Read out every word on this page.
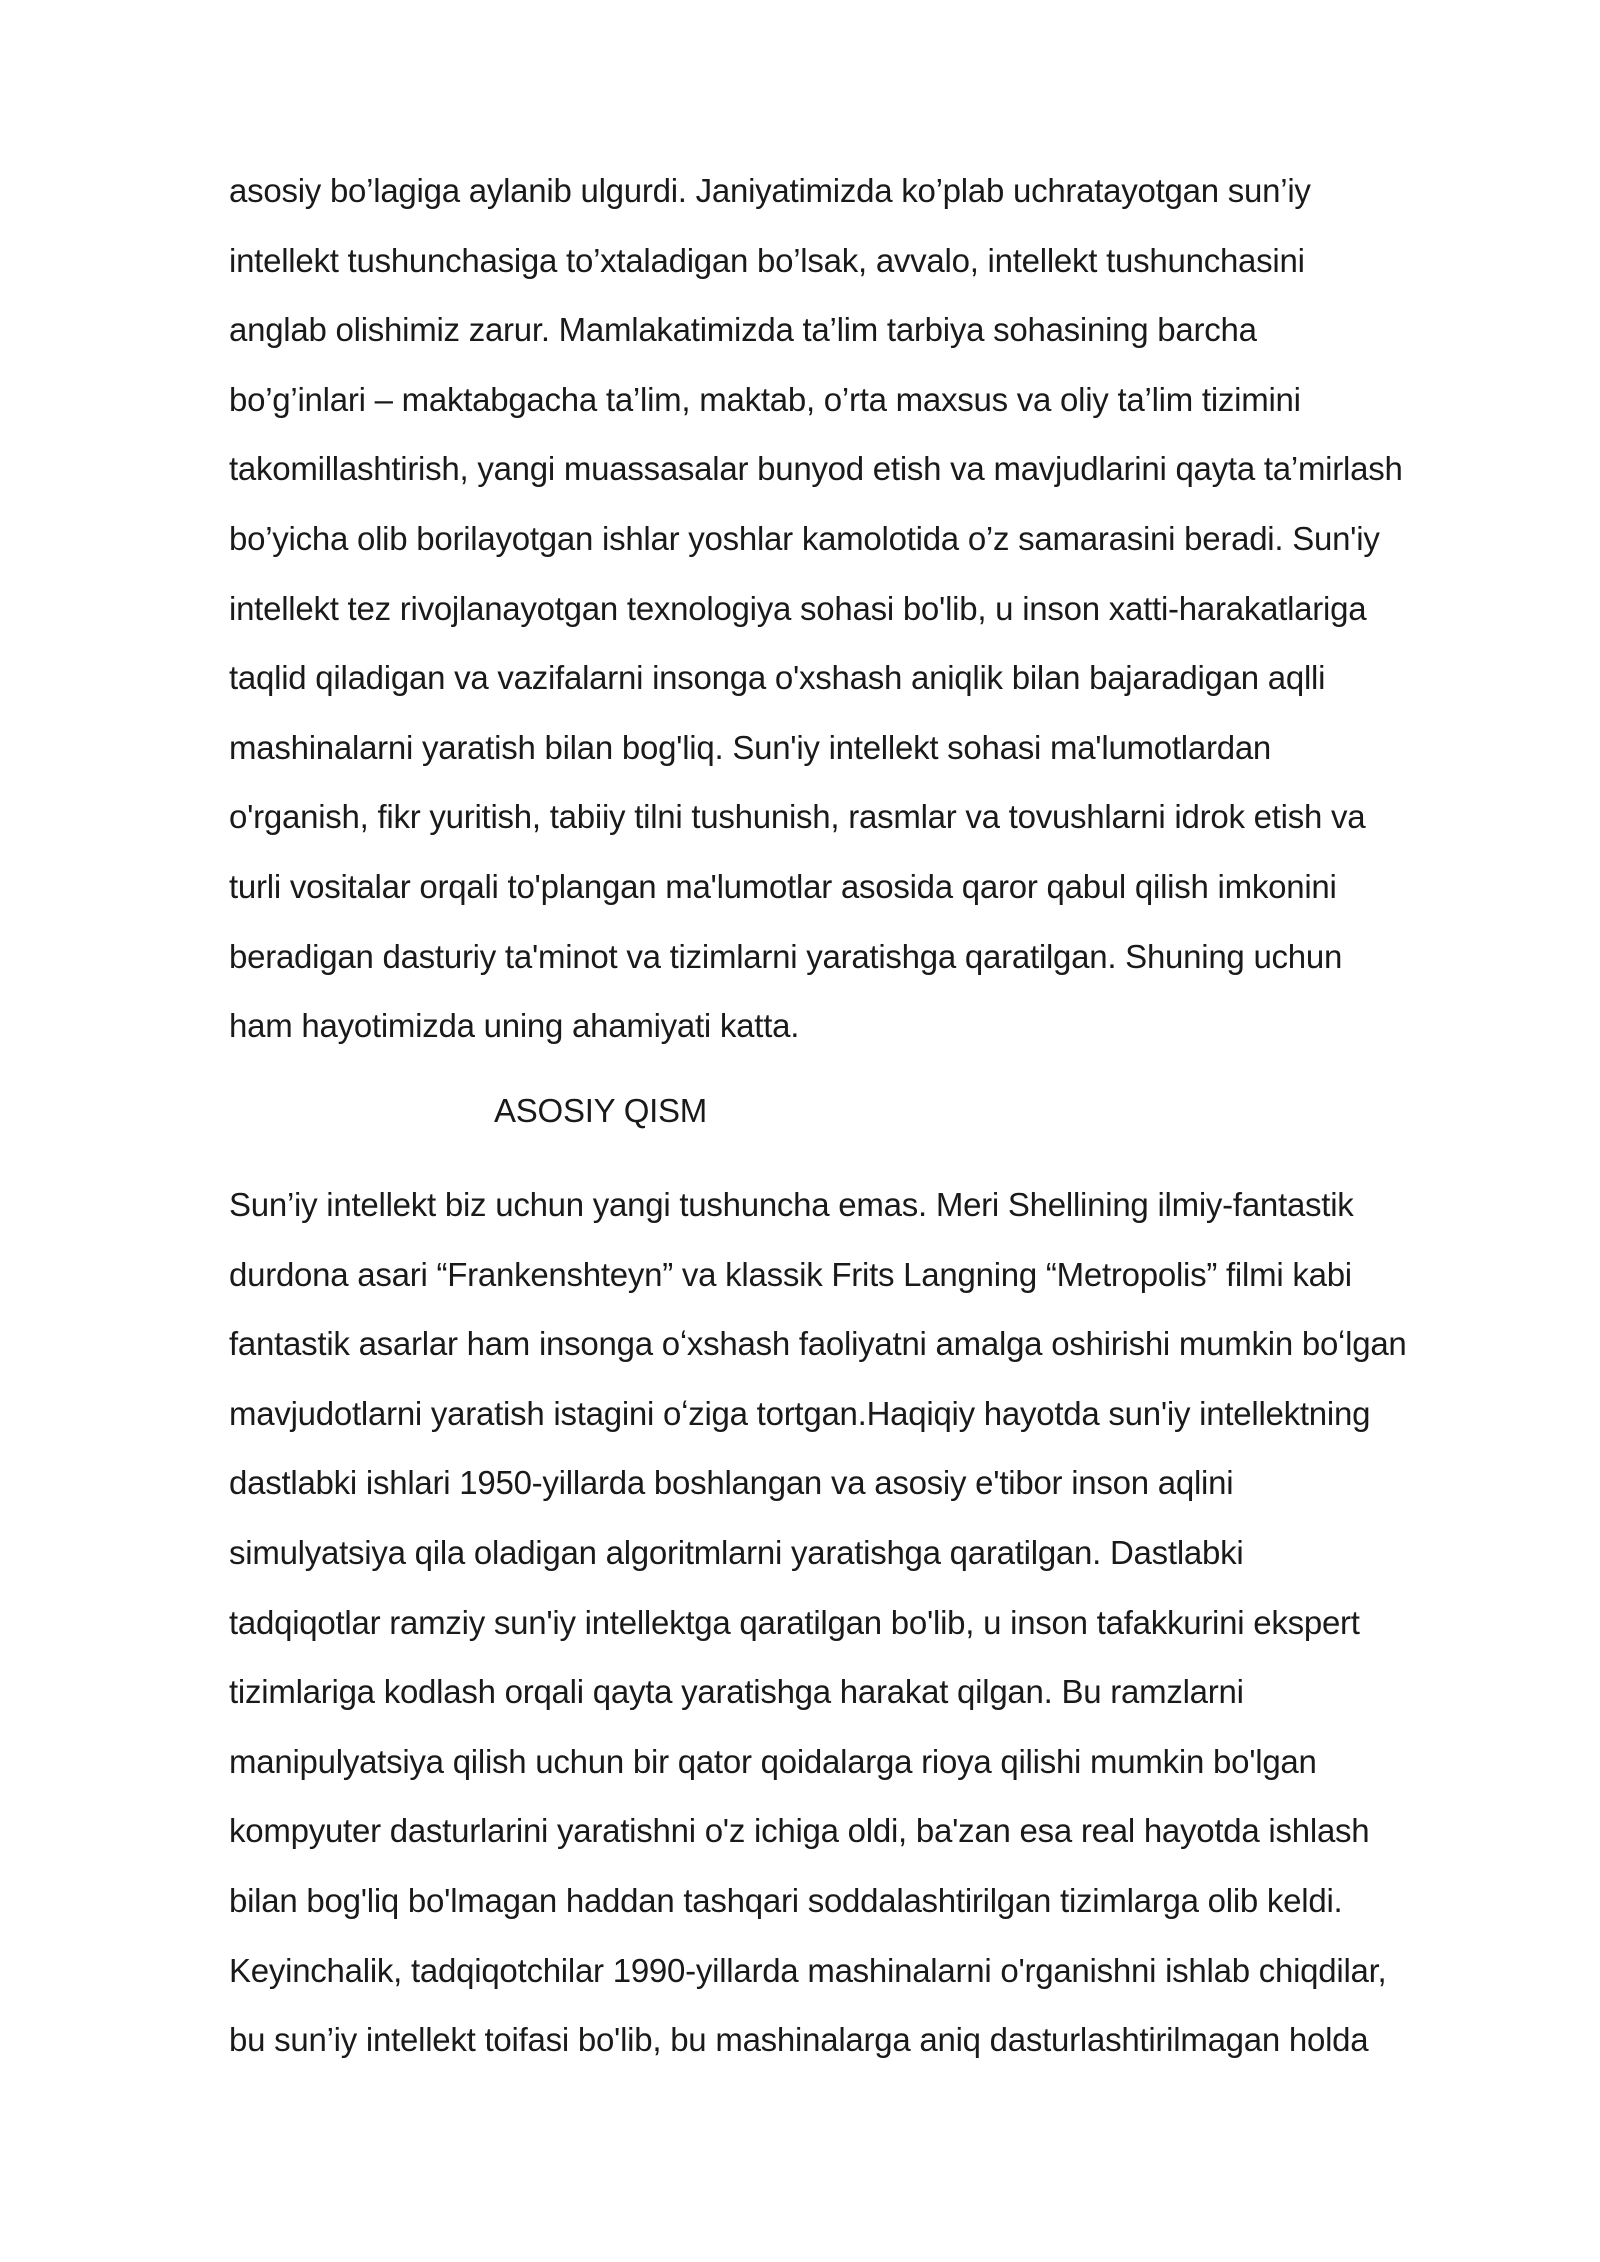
asosiy bo’lagiga aylanib ulgurdi. Janiyatimizda ko’plab uchratayotgan sun’iy
intellekt tushunchasiga to’xtaladigan bo’lsak, avvalo, intellekt tushunchasini
anglab olishimiz zarur. Mamlakatimizda ta’lim tarbiya sohasining barcha
bo’g’inlari – maktabgacha ta’lim, maktab, o’rta maxsus va oliy ta’lim tizimini
takomillashtirish, yangi muassasalar bunyod etish va mavjudlarini qayta ta’mirlash
bo’yicha olib borilayotgan ishlar yoshlar kamolotida o’z samarasini beradi. Sun'iy
intellekt tez rivojlanayotgan texnologiya sohasi bo'lib, u inson xatti-harakatlariga
taqlid qiladigan va vazifalarni insonga o'xshash aniqlik bilan bajaradigan aqlli
mashinalarni yaratish bilan bog'liq. Sun'iy intellekt sohasi ma'lumotlardan
o'rganish, fikr yuritish, tabiiy tilni tushunish, rasmlar va tovushlarni idrok etish va
turli vositalar orqali to'plangan ma'lumotlar asosida qaror qabul qilish imkonini
beradigan dasturiy ta'minot va tizimlarni yaratishga qaratilgan. Shuning uchun
ham hayotimizda uning ahamiyati katta.
ASOSIY QISM
Sun’iy intellekt biz uchun yangi tushuncha emas. Meri Shellining ilmiy-fantastik
durdona asari “Frankenshteyn” va klassik Frits Langning “Metropolis” filmi kabi
fantastik asarlar ham insonga oʻxshash faoliyatni amalga oshirishi mumkin boʻlgan
mavjudotlarni yaratish istagini oʻziga tortgan.Haqiqiy hayotda sun'iy intellektning
dastlabki ishlari 1950-yillarda boshlangan va asosiy e'tibor inson aqlini
simulyatsiya qila oladigan algoritmlarni yaratishga qaratilgan. Dastlabki
tadqiqotlar ramziy sun'iy intellektga qaratilgan bo'lib, u inson tafakkurini ekspert
tizimlariga kodlash orqali qayta yaratishga harakat qilgan. Bu ramzlarni
manipulyatsiya qilish uchun bir qator qoidalarga rioya qilishi mumkin bo'lgan
kompyuter dasturlarini yaratishni o'z ichiga oldi, ba'zan esa real hayotda ishlash
bilan bog'liq bo'lmagan haddan tashqari soddalashtirilgan tizimlarga olib keldi.
Keyinchalik, tadqiqotchilar 1990-yillarda mashinalarni o'rganishni ishlab chiqdilar,
bu sun’iy intellekt toifasi bo'lib, bu mashinalarga aniq dasturlashtirilmagan holda
